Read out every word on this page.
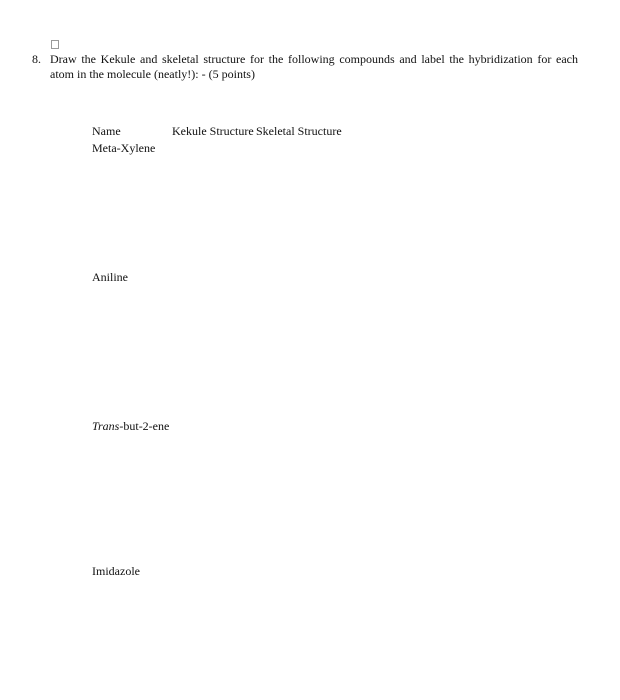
8. Draw the Kekule and skeletal structure for the following compounds and label the hybridization for each
atom in the molecule (neatly!): - (5 points)
Name	Kekule Structure Skeletal Structure
Meta-Xylene
Aniline
Trans-but-2-ene
Imidazole
